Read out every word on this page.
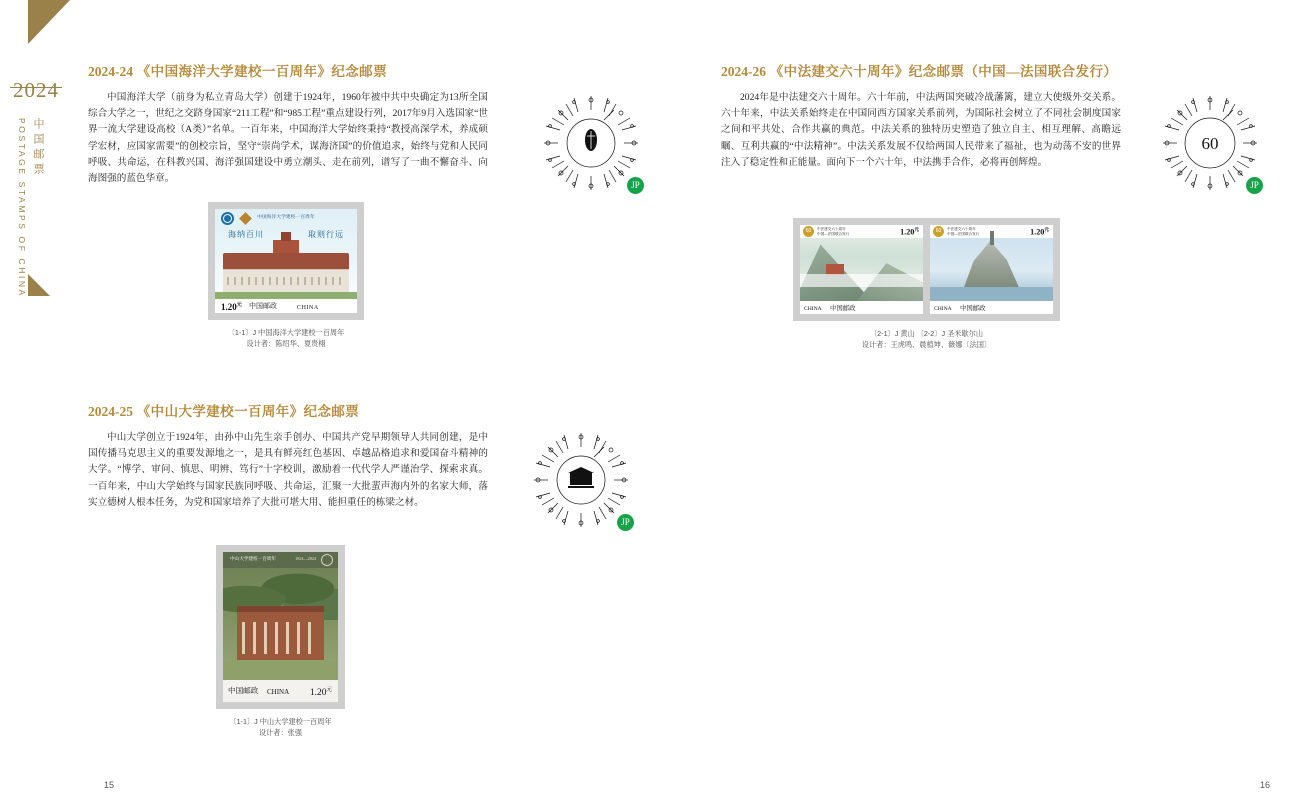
2024
POSTAGE STAMPS OF CHINA 中国邮票
2024-24 《中国海洋大学建校一百周年》纪念邮票
中国海洋大学（前身为私立青岛大学）创建于1924年，1960年被中共中央确定为13所全国综合大学之一，世纪之交跻身国家“211工程”和“985工程”重点建设行列，2017年9月入选国家“世界一流大学建设高校（A类）”名单。一百年来，中国海洋大学始终秉持“教授高深学术，养成硕学宏材，应国家需要”的创校宗旨，坚守“崇尚学术，谋海济国”的价值追求，始终与党和人民同呼吸、共命运，在科教兴国、海洋强国建设中勇立潮头、走在前列，谱写了一曲不懈奋斗、向海图强的蓝色华章。
JP
中国海洋大学建校一百周年
海纳百川	取则行远
$1.20^元$ 中国邮政	CHINA
〔1-1〕J 中国海洋大学建校一百周年
设计者：陈绍华、夏贵栩
2024-25 《中山大学建校一百周年》纪念邮票
中山大学创立于1924年，由孙中山先生亲手创办、中国共产党早期领导人共同创建，是中国传播马克思主义的重要发源地之一，是具有鲜亮红色基因、卓越品格追求和爱国奋斗精神的大学。“博学、审问、慎思、明辨、笃行”十字校训，激励着一代代学人严谨治学、探索求真。一百年来，中山大学始终与国家民族同呼吸、共命运，汇聚一大批蜚声海内外的名家大师，落实立德树人根本任务，为党和国家培养了大批可堪大用、能担重任的栋梁之材。
JP
中山大学建校一百周年	1924—2024
中国邮政 CHINA $1.20^元$
〔1-1〕J 中山大学建校一百周年
设计者：张强
15
2024-26 《中法建交六十周年》纪念邮票（中国—法国联合发行）
2024年是中法建交六十周年。六十年前，中法两国突破冷战藩篱，建立大使级外交关系。六十年来，中法关系始终走在中国同西方国家关系前列，为国际社会树立了不同社会制度国家之间和平共处、合作共赢的典范。中法关系的独特历史塑造了独立自主、相互理解、高瞻远瞩、互利共赢的“中法精神”。中法关系发展不仅给两国人民带来了福祉，也为动荡不安的世界注入了稳定性和正能量。面向下一个六十年，中法携手合作，必将再创辉煌。
60
JP
60	中法建交六十周年
中国—法国联合发行	$1.20^元$
CHINA 中国邮政
60	中法建交六十周年
中国—法国联合发行	$1.20^元$
CHINA 中国邮政
〔2-1〕J 黄山 〔2-2〕J 圣米歇尔山
设计者：王虎鸣、晨植坤、薇娜〔法国〕
16
